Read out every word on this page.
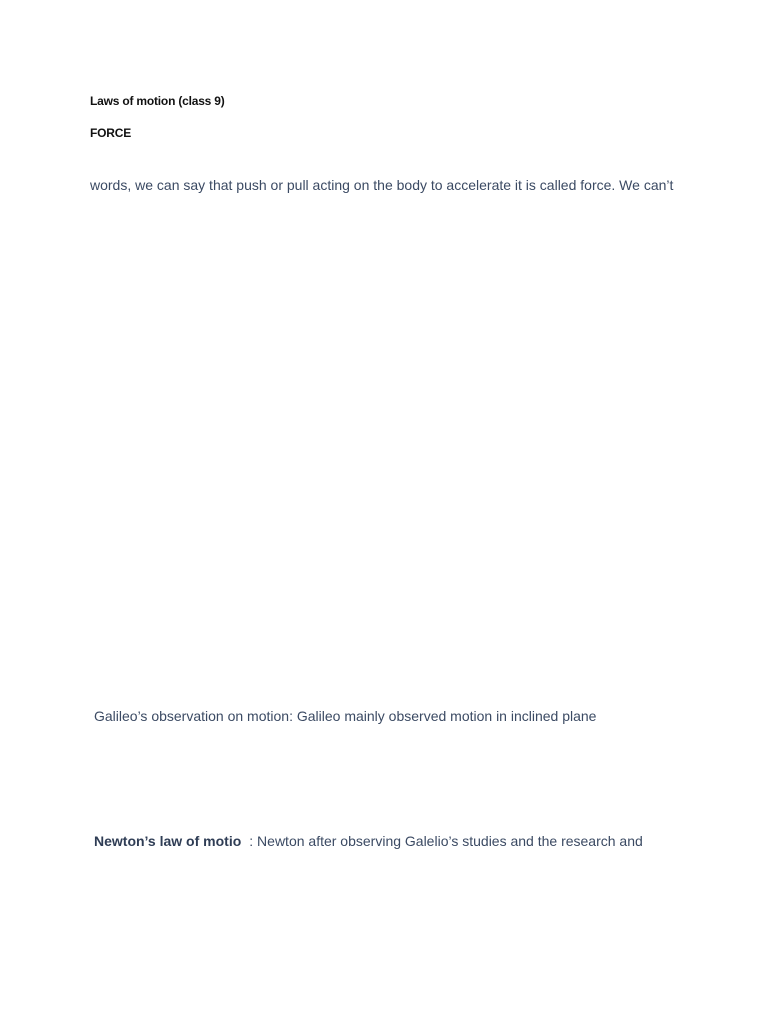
Laws of motion (class 9)
FORCE
words, we can say that push or pull acting on the body to accelerate it is called force. We can’t
Galileo’s observation on motion: Galileo mainly observed motion in inclined plane
Newton’s law of motio : Newton after observing Galelio’s studies and the research and
